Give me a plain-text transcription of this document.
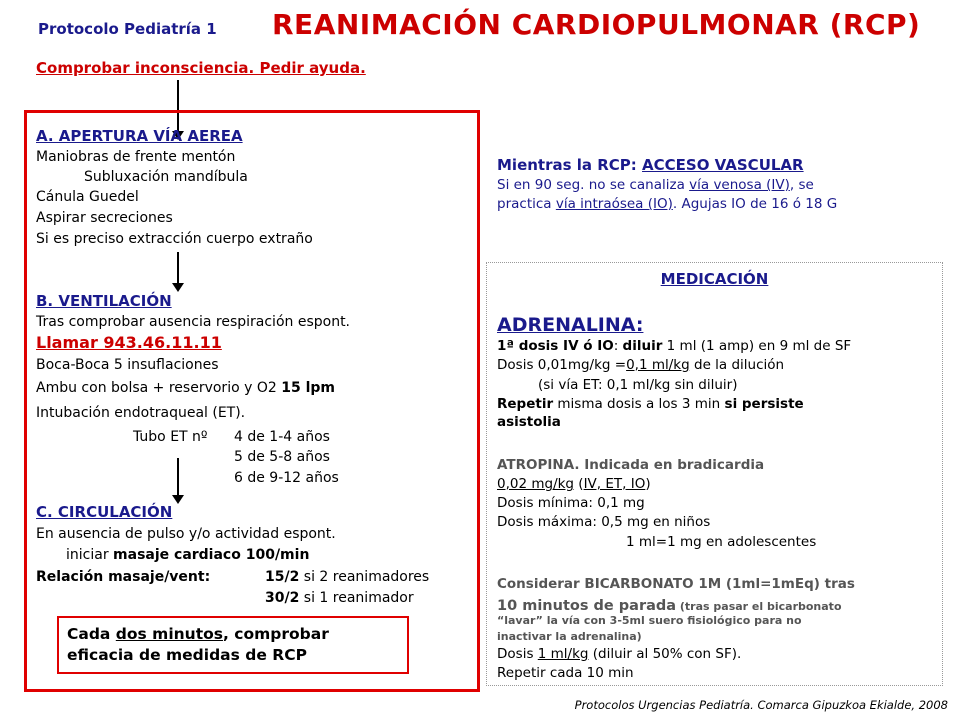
Protocolo Pediatría 1 REANIMACIÓN CARDIOPULMONAR (RCP)
Comprobar inconsciencia. Pedir ayuda.
A. APERTURA VÍA AEREA
Maniobras de frente mentón
Subluxación mandíbula
Cánula Guedel
Aspirar secreciones
Si es preciso extracción cuerpo extraño
B. VENTILACIÓN
Tras comprobar ausencia respiración espont.
Llamar 943.46.11.11
Boca-Boca 5 insuflaciones
Ambu con bolsa + reservorio y O2 15 lpm
Intubación endotraqueal (ET).
Tubo ET nº 4 de 1-4 años
5 de 5-8 años
6 de 9-12 años
C. CIRCULACIÓN
En ausencia de pulso y/o actividad espont.
iniciar masaje cardiaco 100/min
Relación masaje/vent:	15/2 si 2 reanimadores
30/2 si 1 reanimador
Cada dos minutos, comprobar
eficacia de medidas de RCP
Mientras la RCP: ACCESO VASCULAR
Si en 90 seg. no se canaliza vía venosa (IV), se
practica vía intraósea (IO). Agujas IO de 16 ó 18 G
MEDICACIÓN
ADRENALINA:
1ª dosis IV ó IO: diluir 1 ml (1 amp) en 9 ml de SF
Dosis 0,01mg/kg =0,1 ml/kg de la dilución
(si vía ET: 0,1 ml/kg sin diluir)
Repetir misma dosis a los 3 min si persiste
asistolia
ATROPINA. Indicada en bradicardia
0,02 mg/kg (IV, ET, IO)
Dosis mínima: 0,1 mg
Dosis máxima: 0,5 mg en niños
1 ml=1 mg en adolescentes
Considerar BICARBONATO 1M (1ml=1mEq) tras
10 minutos de parada (tras pasar el bicarbonato
“lavar” la vía con 3-5ml suero fisiológico para no
inactivar la adrenalina)
Dosis 1 ml/kg (diluir al 50% con SF).
Repetir cada 10 min
Protocolos Urgencias Pediatría. Comarca Gipuzkoa Ekialde, 2008
